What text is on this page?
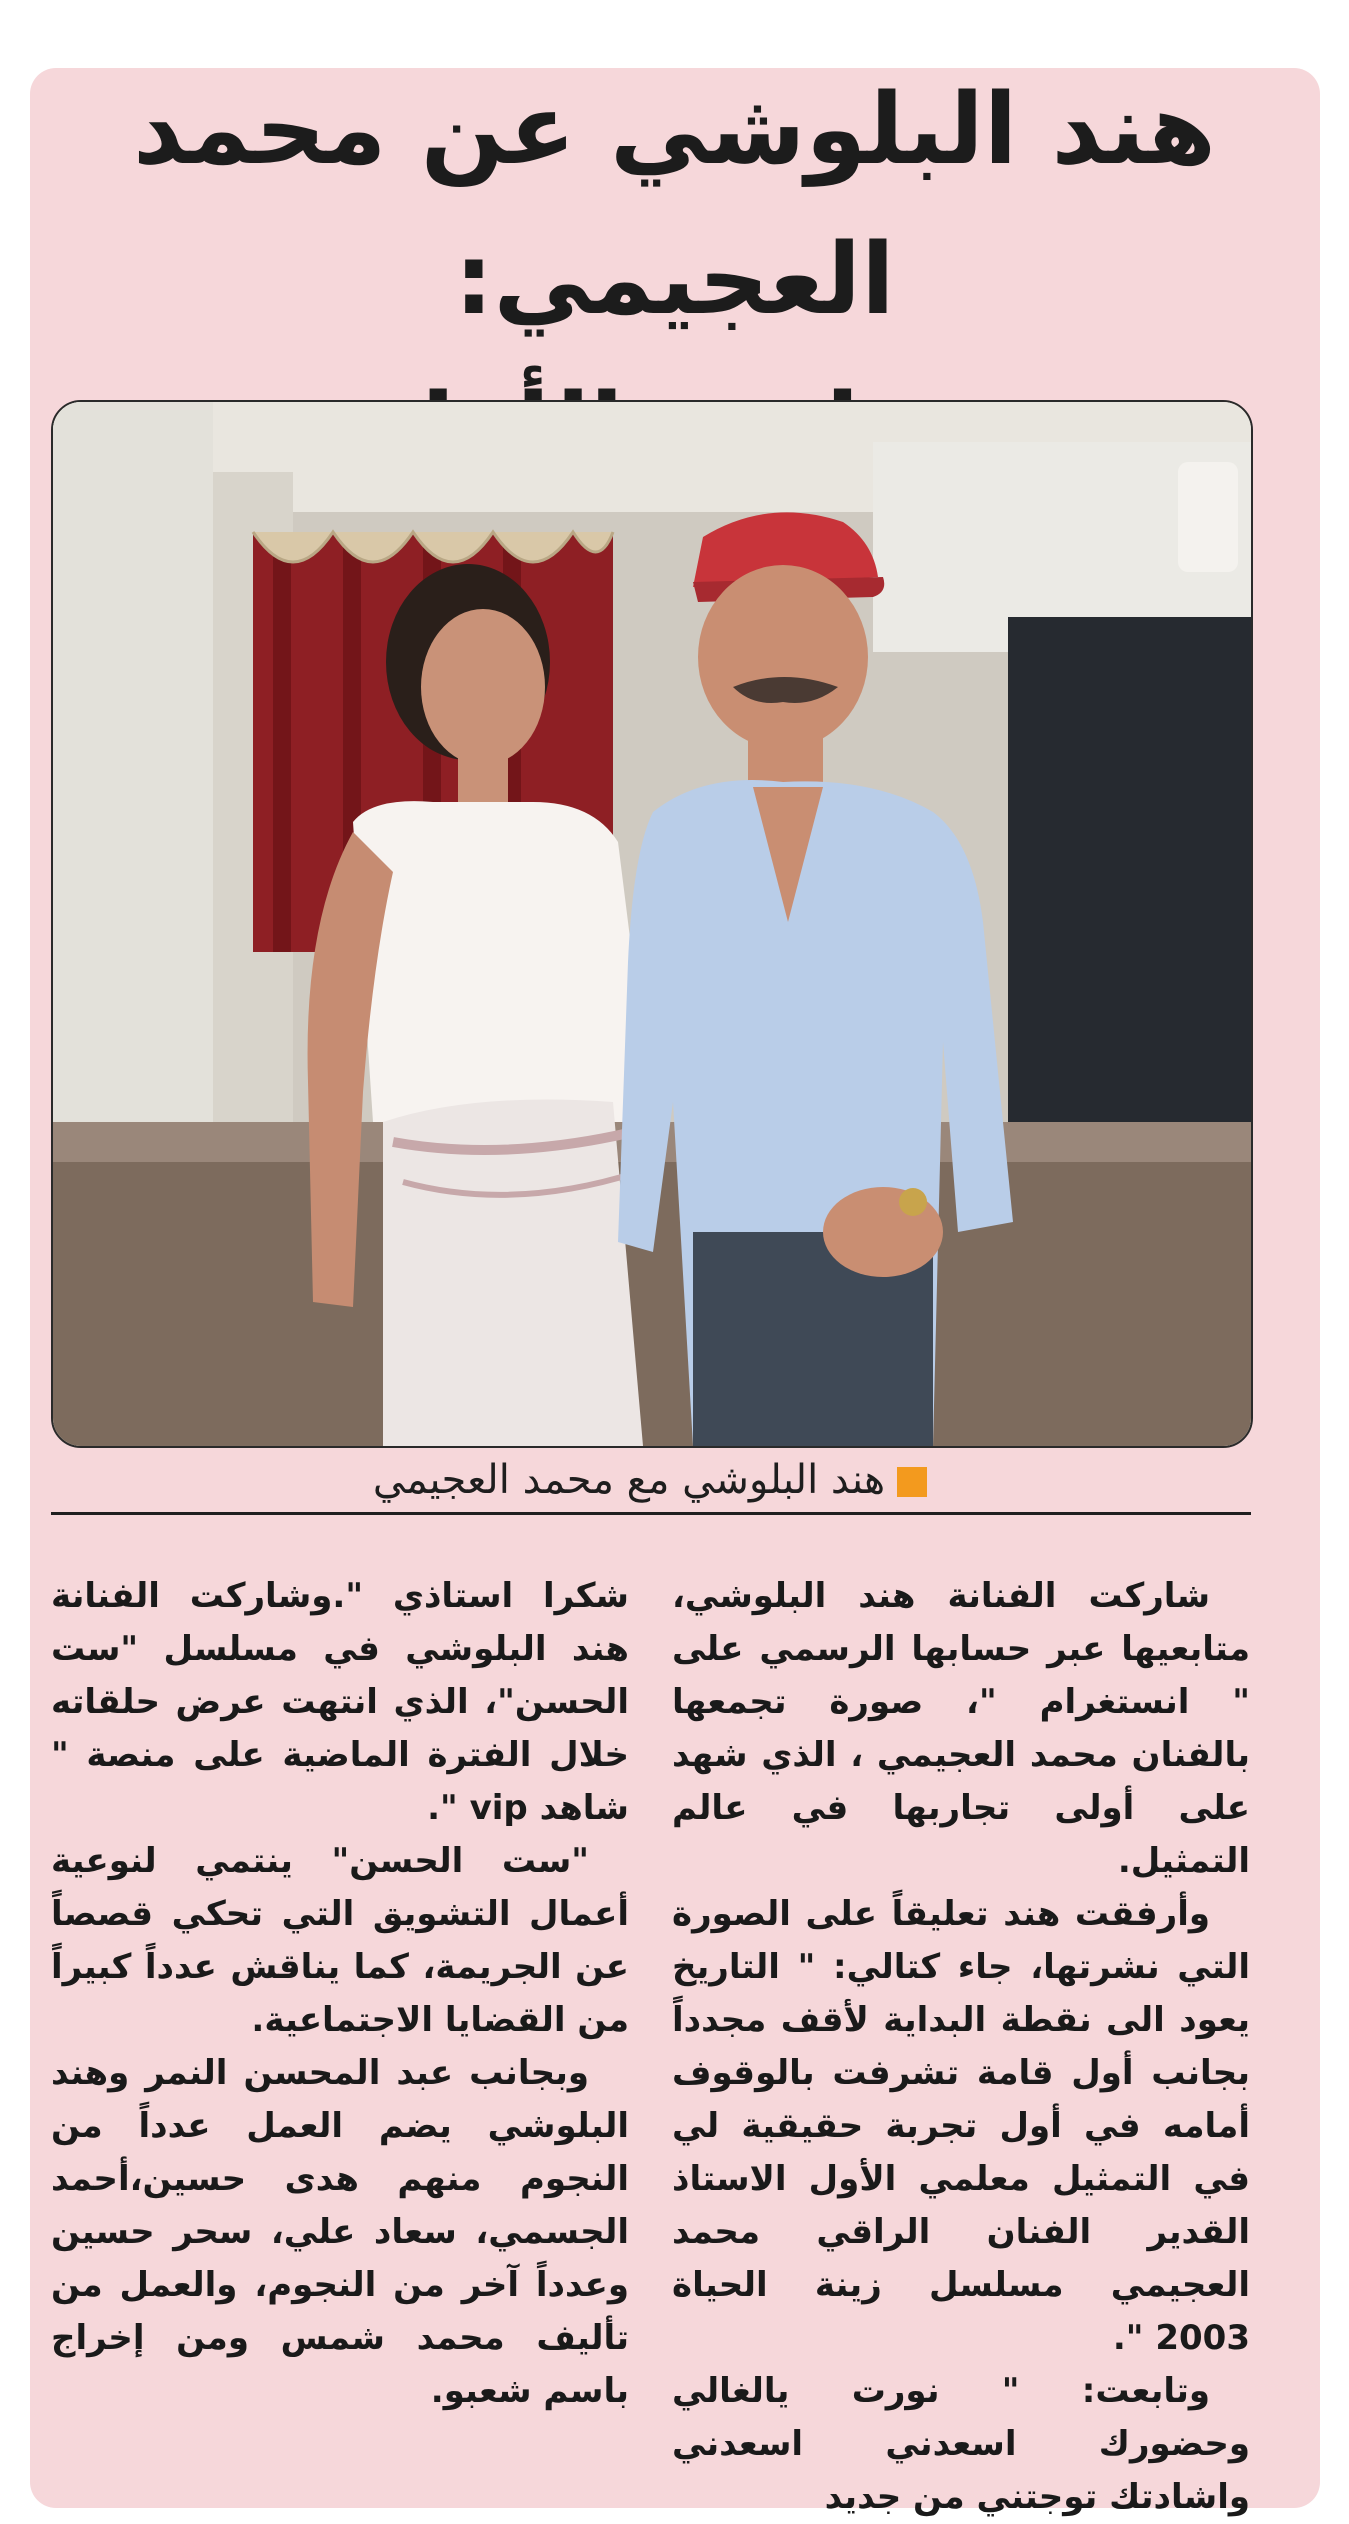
هند البلوشي عن محمد العجيمي:

هند البلوشي مع محمد العجيمي

شاركت الفنانة هند البلوشي، متابعيها عبر حسابها الرسمي على " انستغرام "، صورة تجمعها بالفنان محمد العجيمي ، الذي شهد على أولى تجاربها في عالم التمثيل.

وأرفقت هند تعليقاً على الصورة التي نشرتها، جاء كتالي: " التاريخ يعود الى نقطة البداية لأقف مجدداً بجانب أول قامة تشرفت بالوقوف أمامه في أول تجربة حقيقية لي في التمثيل معلمي الأول الاستاذ القدير الفنان الراقي محمد العجيمي مسلسل زينة الحياة 2003 ".

وتابعت: " نورت يالغالي وحضورك اسعدني اسعدني واشادتك توجتني من جديد

شكرا استاذي ".وشاركت الفنانة هند البلوشي في مسلسل "ست الحسن"، الذي انتهت عرض حلقاته خلال الفترة الماضية على منصة " شاهد vip ".

"ست الحسن" ينتمي لنوعية أعمال التشويق التي تحكي قصصاً عن الجريمة، كما يناقش عدداً كبيراً من القضايا الاجتماعية.

وبجانب عبد المحسن النمر وهند البلوشي يضم العمل عدداً من النجوم منهم هدى حسين،أحمد الجسمي، سعاد علي، سحر حسين وعدداً آخر من النجوم، والعمل من تأليف محمد شمس ومن إخراج باسم شعبو.
